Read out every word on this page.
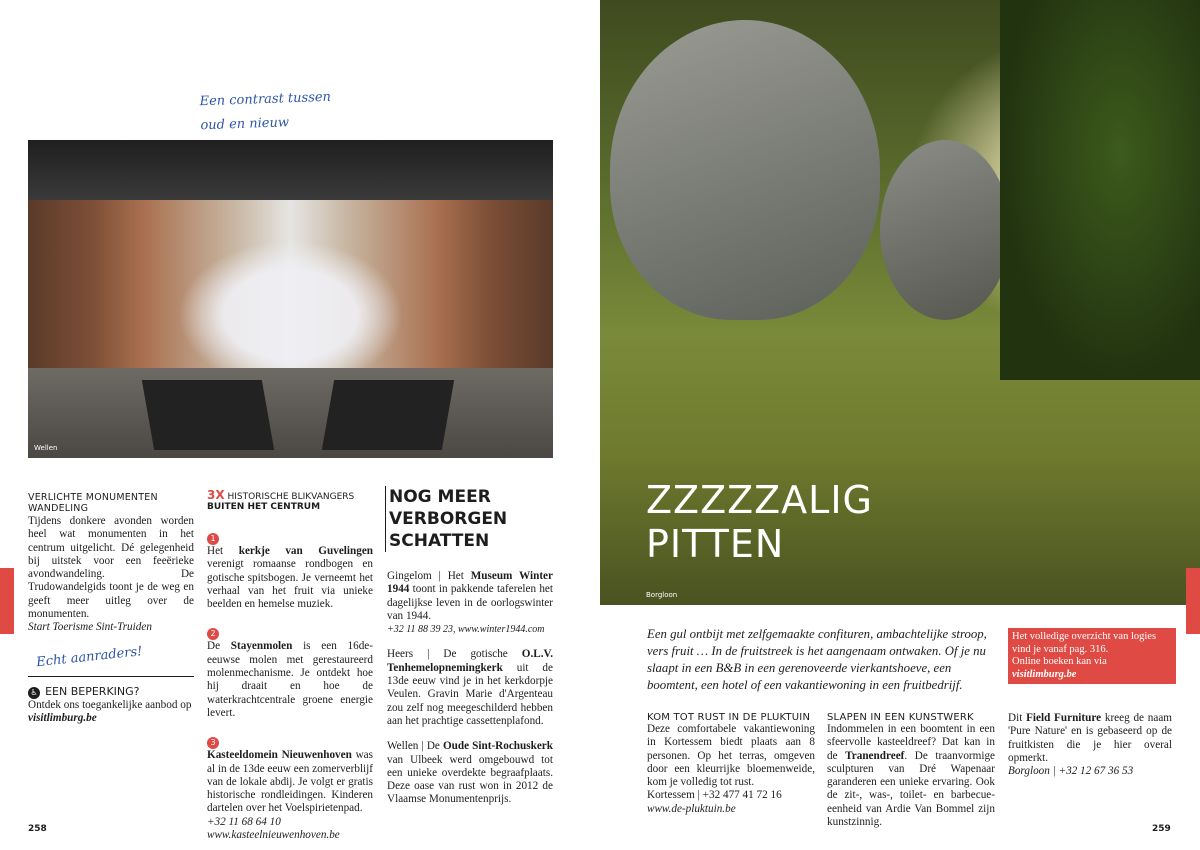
Een contrast tussen
oud en nieuw
Wellen
VERLICHTE MONUMENTEN WANDELING
Tijdens donkere avonden worden heel wat monumenten in het centrum uitgelicht. Dé gelegenheid bij uitstek voor een feeërieke avondwandeling. De Trudowandelgids toont je de weg en geeft meer uitleg over de monumenten.
Start Toerisme Sint-Truiden
Echt aanraders!
♿ EEN BEPERKING?
Ontdek ons toegankelijke aanbod op visitlimburg.be
3X HISTORISCHE BLIKVANGERS
BUITEN HET CENTRUM
1
Het kerkje van Guvelingen verenigt romaanse rondbogen en gotische spitsbogen. Je verneemt het verhaal van het fruit via unieke beelden en hemelse muziek.
2
De Stayenmolen is een 16de-eeuwse molen met gerestaureerd molenmechanisme. Je ontdekt hoe hij draait en hoe de waterkrachtcentrale groene energie levert.
3
Kasteeldomein Nieuwenhoven was al in de 13de eeuw een zomerverblijf van de lokale abdij. Je volgt er gratis historische rondleidingen. Kinderen dartelen over het Voelspirietenpad.
+32 11 68 64 10
www.kasteelnieuwenhoven.be
NOG MEER VERBORGEN SCHATTEN
Gingelom | Het Museum Winter 1944 toont in pakkende taferelen het dagelijkse leven in de oorlogswinter van 1944.
+32 11 88 39 23, www.winter1944.com
Heers | De gotische O.L.V. Tenhemelopnemingkerk uit de 13de eeuw vind je in het kerkdorpje Veulen. Gravin Marie d'Argenteau zou zelf nog meegeschilderd hebben aan het prachtige cassettenplafond.
Wellen | De Oude Sint-Rochuskerk van Ulbeek werd omgebouwd tot een unieke overdekte begraafplaats. Deze oase van rust won in 2012 de Vlaamse Monumentenprijs.
258
ZZZZZALIG
PITTEN
Borgloon
Een gul ontbijt met zelfgemaakte confituren, ambachtelijke stroop, vers fruit … In de fruitstreek is het aangenaam ontwaken. Of je nu slaapt in een B&B in een gerenoveerde vierkantshoeve, een boomtent, een hotel of een vakantiewoning in een fruitbedrijf.
Het volledige overzicht van logies vind je vanaf pag. 316.
Online boeken kan via visitlimburg.be
KOM TOT RUST IN DE PLUKTUIN
Deze comfortabele vakantiewoning in Kortessem biedt plaats aan 8 personen. Op het terras, omgeven door een kleurrijke bloemenweide, kom je volledig tot rust.
Kortessem | +32 477 41 72 16
www.de-pluktuin.be
SLAPEN IN EEN KUNSTWERK
Indommelen in een boomtent in een sfeervolle kasteeldreef? Dat kan in de Tranendreef. De traanvormige sculpturen van Dré Wapenaar garanderen een unieke ervaring. Ook de zit-, was-, toilet- en barbecue-eenheid van Ardie Van Bommel zijn kunstzinnig.
Dit Field Furniture kreeg de naam 'Pure Nature' en is gebaseerd op de fruitkisten die je hier overal opmerkt.
Borgloon | +32 12 67 36 53
259
